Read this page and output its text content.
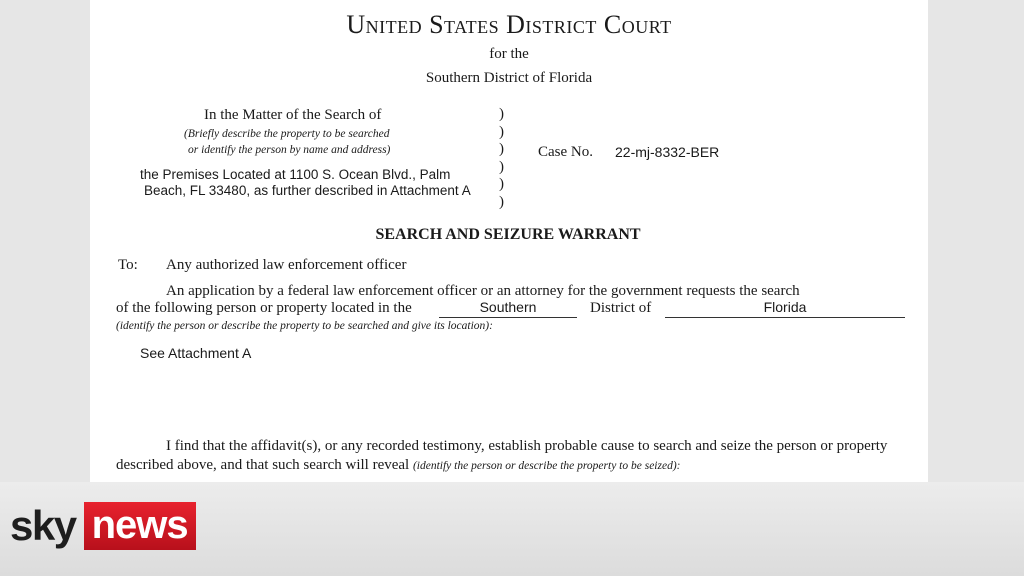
United States District Court
for the
Southern District of Florida
In the Matter of the Search of
(Briefly describe the property to be searched
or identify the person by name and address)
the Premises Located at 1100 S. Ocean Blvd., Palm
Beach, FL 33480, as further described in Attachment A
)
)
)
)
)
)
Case No. 22-mj-8332-BER
SEARCH AND SEIZURE WARRANT
To: Any authorized law enforcement officer
An application by a federal law enforcement officer or an attorney for the government requests the search
of the following person or property located in the	Southern	District of	Florida
(identify the person or describe the property to be searched and give its location):
See Attachment A
I find that the affidavit(s), or any recorded testimony, establish probable cause to search and seize the person or property
described above, and that such search will reveal (identify the person or describe the property to be seized):
sky news
